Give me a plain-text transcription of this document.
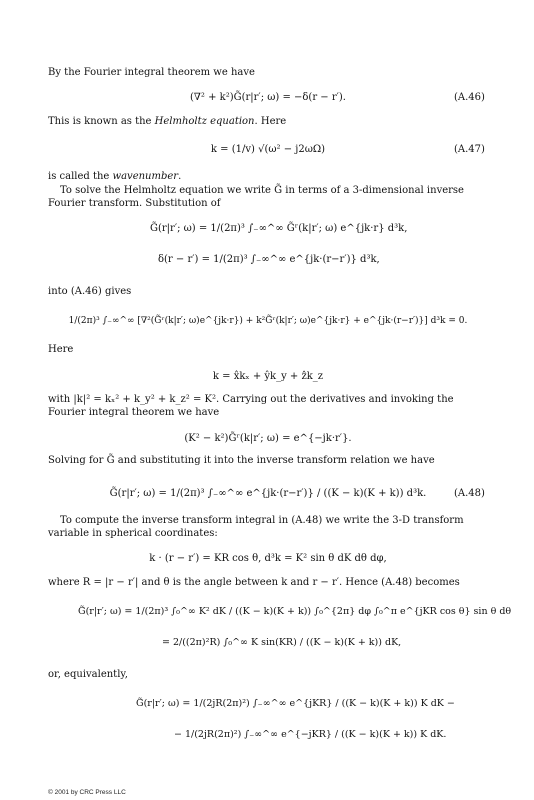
By the Fourier integral theorem we have
(∇² + k²)G̃(r|r′; ω) = −δ(r − r′).	(A.46)
This is known as the Helmholtz equation. Here
k = (1/v) √(ω² − j2ωΩ)	(A.47)
is called the wavenumber.
To solve the Helmholtz equation we write G̃ in terms of a 3-dimensional inverse Fourier transform. Substitution of
G̃(r|r′; ω) = 1/(2π)³ ∫₋∞^∞ G̃ʳ(k|r′; ω) e^{jk·r} d³k,
δ(r − r′) = 1/(2π)³ ∫₋∞^∞ e^{jk·(r−r′)} d³k,
into (A.46) gives
1/(2π)³ ∫₋∞^∞ [∇²(G̃ʳ(k|r′; ω)e^{jk·r}) + k²G̃ʳ(k|r′; ω)e^{jk·r} + e^{jk·(r−r′)}] d³k = 0.
Here
k = x̂kₓ + ŷk_y + ẑk_z
with |k|² = kₓ² + k_y² + k_z² = K². Carrying out the derivatives and invoking the Fourier integral theorem we have
(K² − k²)G̃ʳ(k|r′; ω) = e^{−jk·r′}.
Solving for G̃ and substituting it into the inverse transform relation we have
G̃(r|r′; ω) = 1/(2π)³ ∫₋∞^∞ e^{jk·(r−r′)} / ((K − k)(K + k)) d³k.	(A.48)
To compute the inverse transform integral in (A.48) we write the 3-D transform variable in spherical coordinates:
k · (r − r′) = KR cos θ, d³k = K² sin θ dK dθ dφ,
where R = |r − r′| and θ is the angle between k and r − r′. Hence (A.48) becomes
G̃(r|r′; ω) = 1/(2π)³ ∫₀^∞ K² dK / ((K − k)(K + k)) ∫₀^{2π} dφ ∫₀^π e^{jKR cos θ} sin θ dθ
= 2/((2π)²R) ∫₀^∞ K sin(KR) / ((K − k)(K + k)) dK,
or, equivalently,
G̃(r|r′; ω) = 1/(2jR(2π)²) ∫₋∞^∞ e^{jKR} / ((K − k)(K + k)) K dK −
− 1/(2jR(2π)²) ∫₋∞^∞ e^{−jKR} / ((K − k)(K + k)) K dK.
© 2001 by CRC Press LLC
